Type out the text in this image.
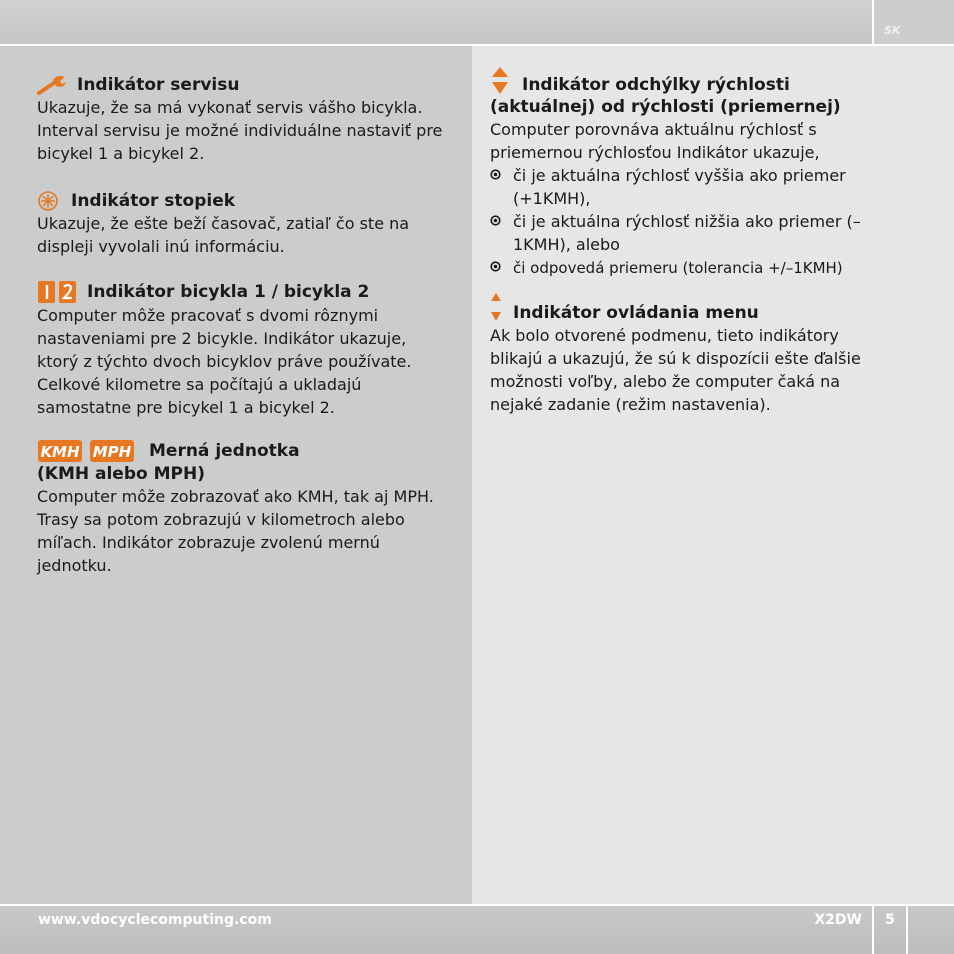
SK
Indikátor servisu

Ukazuje, že sa má vykonať servis vášho bicykla. Interval servisu je možné individuálne nastaviť pre bicykel 1 a bicykel 2.

Indikátor stopiek

Ukazuje, že ešte beží časovač, zatiaľ čo ste na displeji vyvolali inú informáciu.

Indikátor bicykla 1 / bicykla 2

Computer môže pracovať s dvomi rôznymi nastaveniami pre 2 bicykle. Indikátor ukazuje, ktorý z týchto dvoch bicyklov práve používate. Celkové kilometre sa počítajú a ukladajú samostatne pre bicykel 1 a bicykel 2.

KMH MPH Merná jednotka
(KMH alebo MPH)

Computer môže zobrazovať ako KMH, tak aj MPH. Trasy sa potom zobrazujú v kilometroch alebo míľach. Indikátor zobrazuje zvolenú mernú jednotku.

Indikátor odchýlky rýchlosti
(aktuálnej) od rýchlosti (priemernej)

Computer porovnáva aktuálnu rýchlosť s priemernou rýchlosťou Indikátor ukazuje,

či je aktuálna rýchlosť vyššia ako priemer (+1KMH),
či je aktuálna rýchlosť nižšia ako priemer (–1KMH), alebo
či odpovedá priemeru (tolerancia +/–1KMH)
Indikátor ovládania menu

Ak bolo otvorené podmenu, tieto indikátory blikajú a ukazujú, že sú k dispozícii ešte ďalšie možnosti voľby, alebo že computer čaká na nejaké zadanie (režim nastavenia).

www.vdocyclecomputing.com	X2DW	5
